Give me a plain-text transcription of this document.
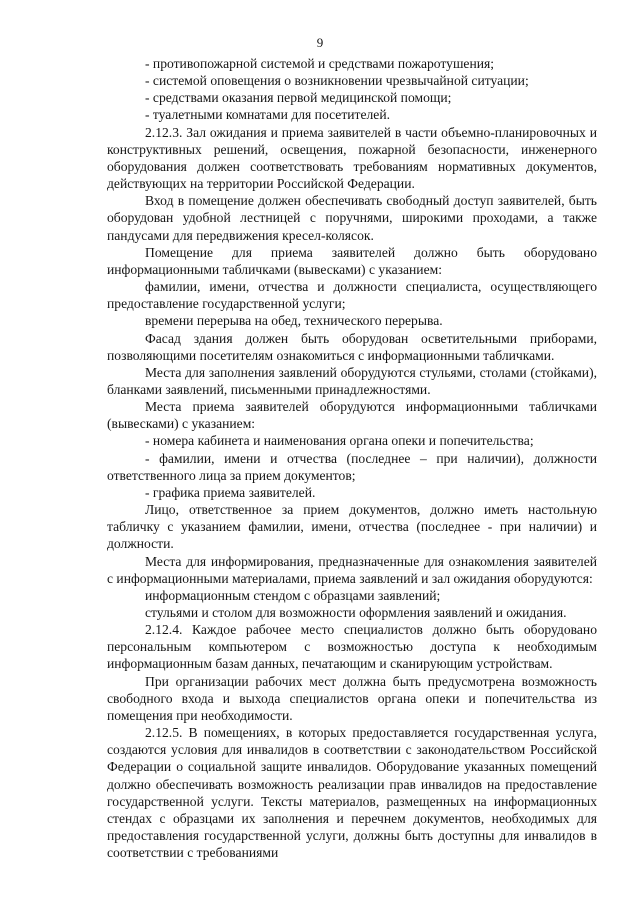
9

- противопожарной системой и средствами пожаротушения;

- системой оповещения о возникновении чрезвычайной ситуации;

- средствами оказания первой медицинской помощи;

- туалетными комнатами для посетителей.

2.12.3. Зал ожидания и приема заявителей в части объемно-планировочных и конструктивных решений, освещения, пожарной безопасности, инженерного оборудования должен соответствовать требованиям нормативных документов, действующих на территории Российской Федерации.

Вход в помещение должен обеспечивать свободный доступ заявителей, быть оборудован удобной лестницей с поручнями, широкими проходами, а также пандусами для передвижения кресел-колясок.

Помещение для приема заявителей должно быть оборудовано информационными табличками (вывесками) с указанием:

фамилии, имени, отчества и должности специалиста, осуществляющего предоставление государственной услуги;

времени перерыва на обед, технического перерыва.

Фасад здания должен быть оборудован осветительными приборами, позволяющими посетителям ознакомиться с информационными табличками.

Места для заполнения заявлений оборудуются стульями, столами (стойками), бланками заявлений, письменными принадлежностями.

Места приема заявителей оборудуются информационными табличками (вывесками) с указанием:

- номера кабинета и наименования органа опеки и попечительства;

- фамилии, имени и отчества (последнее – при наличии), должности ответственного лица за прием документов;

- графика приема заявителей.

Лицо, ответственное за прием документов, должно иметь настольную табличку с указанием фамилии, имени, отчества (последнее - при наличии) и должности.

Места для информирования, предназначенные для ознакомления заявителей с информационными материалами, приема заявлений и зал ожидания оборудуются:

информационным стендом с образцами заявлений;

стульями и столом для возможности оформления заявлений и ожидания.

2.12.4. Каждое рабочее место специалистов должно быть оборудовано персональным компьютером с возможностью доступа к необходимым информационным базам данных, печатающим и сканирующим устройствам.

При организации рабочих мест должна быть предусмотрена возможность свободного входа и выхода специалистов органа опеки и попечительства из помещения при необходимости.

2.12.5. В помещениях, в которых предоставляется государственная услуга, создаются условия для инвалидов в соответствии с законодательством Российской Федерации о социальной защите инвалидов. Оборудование указанных помещений должно обеспечивать возможность реализации прав инвалидов на предоставление государственной услуги. Тексты материалов, размещенных на информационных стендах с образцами их заполнения и перечнем документов, необходимых для предоставления государственной услуги, должны быть доступны для инвалидов в соответствии с требованиями
